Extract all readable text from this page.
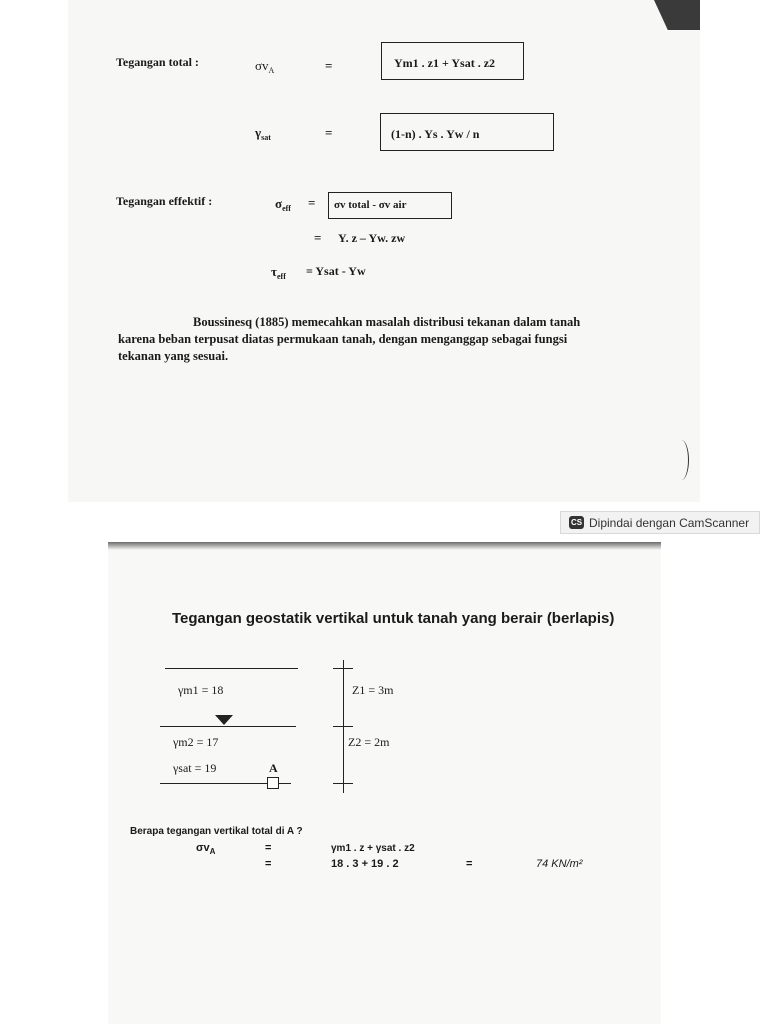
Tegangan total :	$\sigma v_A$	=	Ym1 . z1 + Ysat . z2
$\gamma_{sat}$	=	(1-n) . Ys . Yw / n
Tegangan effektif :	$\sigma_{eff} = \sigma v$ total - σv air
= Y. z – Yw. zw
$\tau_{eff}$ = Ysat - Yw
Boussinesq (1885) memecahkan masalah distribusi tekanan dalam tanah
karena beban terpusat diatas permukaan tanah, dengan menganggap sebagai fungsi
tekanan yang sesuai.
CS Dipindai dengan CamScanner
Tegangan geostatik vertikal untuk tanah yang berair (berlapis)
γm1 = 18
γm2 = 17
γsat = 19	A
Z1 = 3m
Z2 = 2m
Berapa tegangan vertikal total di A ?
$\sigma v_A$	=	γm1 . z + γsat . z2
=	18 . 3 + 19 . 2	=	74 KN/m²
